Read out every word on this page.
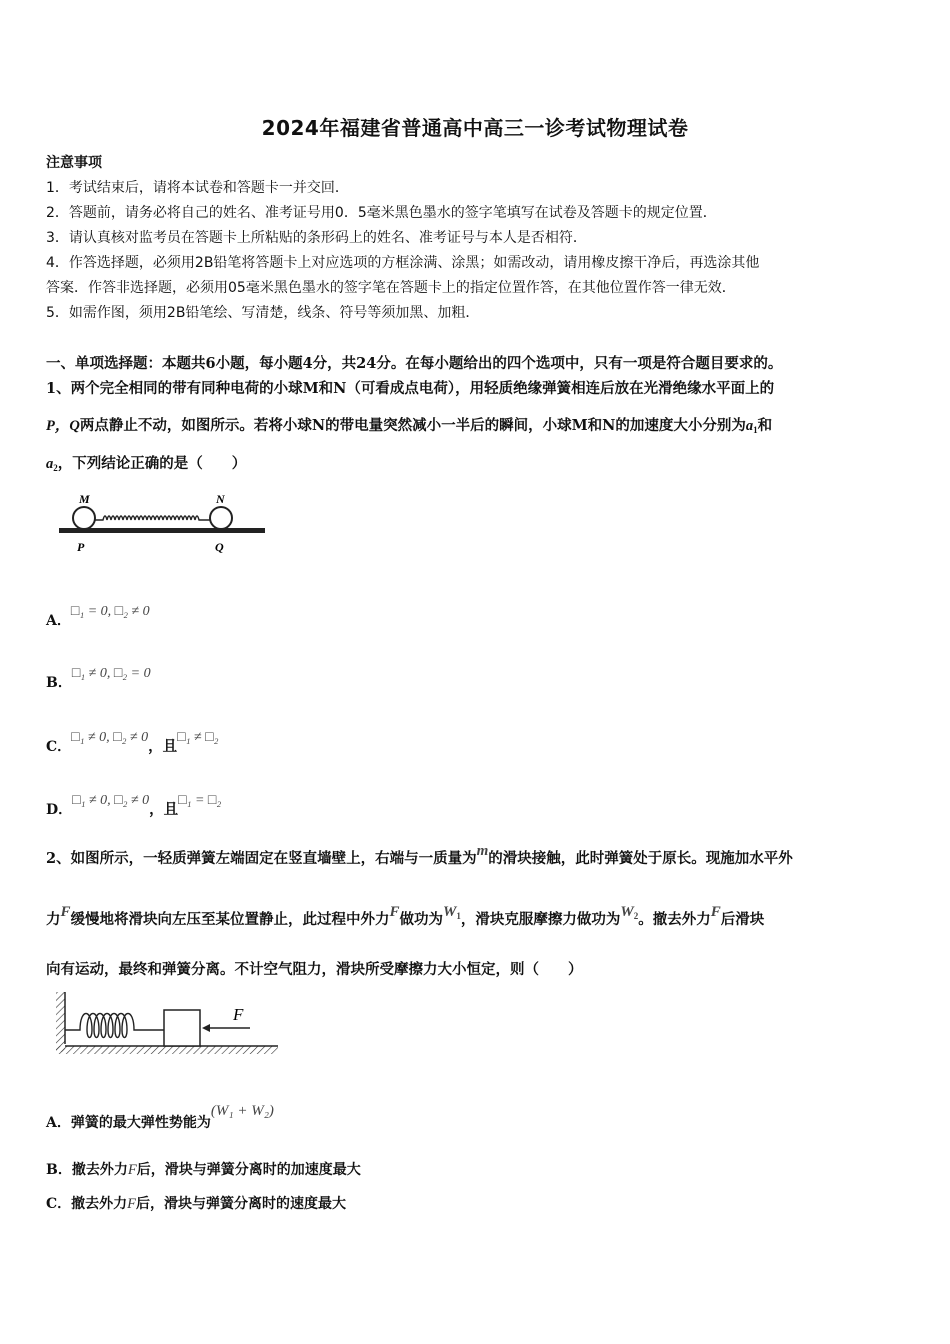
2024年福建省普通高中高三一诊考试物理试卷
注意事项
1．考试结束后，请将本试卷和答题卡一并交回．
2．答题前，请务必将自己的姓名、准考证号用0．5毫米黑色墨水的签字笔填写在试卷及答题卡的规定位置．
3．请认真核对监考员在答题卡上所粘贴的条形码上的姓名、准考证号与本人是否相符．
4．作答选择题，必须用2B铅笔将答题卡上对应选项的方框涂满、涂黑；如需改动，请用橡皮擦干净后，再选涂其他
答案．作答非选择题，必须用05毫米黑色墨水的签字笔在答题卡上的指定位置作答，在其他位置作答一律无效．
5．如需作图，须用2B铅笔绘、写清楚，线条、符号等须加黑、加粗．
一、单项选择题：本题共6小题，每小题4分，共24分。在每小题给出的四个选项中，只有一项是符合题目要求的。
1、两个完全相同的带有同种电荷的小球M和N（可看成点电荷），用轻质绝缘弹簧相连后放在光滑绝缘水平面上的
P，Q两点静止不动，如图所示。若将小球N的带电量突然减小一半后的瞬间，小球M和N的加速度大小分别为$a_1$和
$a_2$，下列结论正确的是（　　）
M	N
P	Q
A．□₁ = 0, □₂ ≠ 0
B．□₁ ≠ 0, □₂ = 0
C．□₁ ≠ 0, □₂ ≠ 0，且□₁ ≠ □₂
D．□₁ ≠ 0, □₂ ≠ 0，且□₁ = □₂
2、如图所示，一轻质弹簧左端固定在竖直墙壁上，右端与一质量为m的滑块接触，此时弹簧处于原长。现施加水平外
力F缓慢地将滑块向左压至某位置静止，此过程中外力F做功为$W_1$，滑块克服摩擦力做功为$W_2$。撤去外力F后滑块
向有运动，最终和弹簧分离。不计空气阻力，滑块所受摩擦力大小恒定，则（　　）
F
A．弹簧的最大弹性势能为(W₁ + W₂)
B．撤去外力F后，滑块与弹簧分离时的加速度最大
C．撤去外力F后，滑块与弹簧分离时的速度最大
